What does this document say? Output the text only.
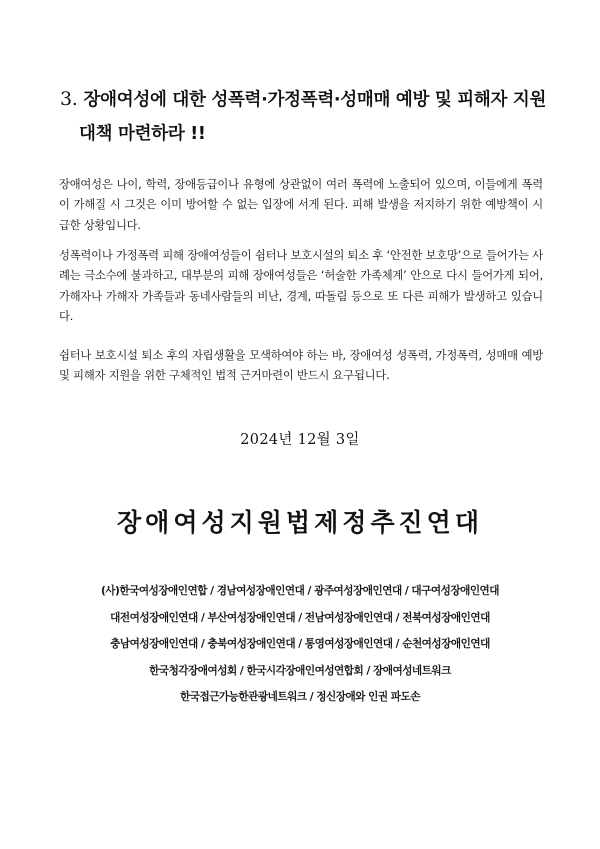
3. 장애여성에 대한 성폭력·가정폭력·성매매 예방 및 피해자 지원
대책 마련하라 !!

장애여성은 나이, 학력, 장애등급이나 유형에 상관없이 여러 폭력에 노출되어 있으며, 이들에게 폭력이 가해질 시 그것은 이미 방어할 수 없는 입장에 서게 된다. 피해 발생을 저지하기 위한 예방책이 시급한 상황입니다.

성폭력이나 가정폭력 피해 장애여성들이 쉼터나 보호시설의 퇴소 후 ‘안전한 보호망’으로 들어가는 사례는 극소수에 불과하고, 대부분의 피해 장애여성들은 ‘허술한 가족체계’ 안으로 다시 들어가게 되어, 가해자나 가해자 가족들과 동네사람들의 비난, 경계, 따돌림 등으로 또 다른 피해가 발생하고 있습니다.

쉼터나 보호시설 퇴소 후의 자립생활을 모색하여야 하는 바, 장애여성 성폭력, 가정폭력, 성매매 예방 및 피해자 지원을 위한 구체적인 법적 근거마련이 반드시 요구됩니다.

2024년 12월 3일

장애여성지원법제정추진연대
(사)한국여성장애인연합 / 경남여성장애인연대 / 광주여성장애인연대 / 대구여성장애인연대
대전여성장애인연대 / 부산여성장애인연대 / 전남여성장애인연대 / 전북여성장애인연대
충남여성장애인연대 / 충북여성장애인연대 / 통영여성장애인연대 / 순천여성장애인연대
한국청각장애여성회 / 한국시각장애인여성연합회 / 장애여성네트워크
한국접근가능한관광네트워크 / 정신장애와 인권 파도손
